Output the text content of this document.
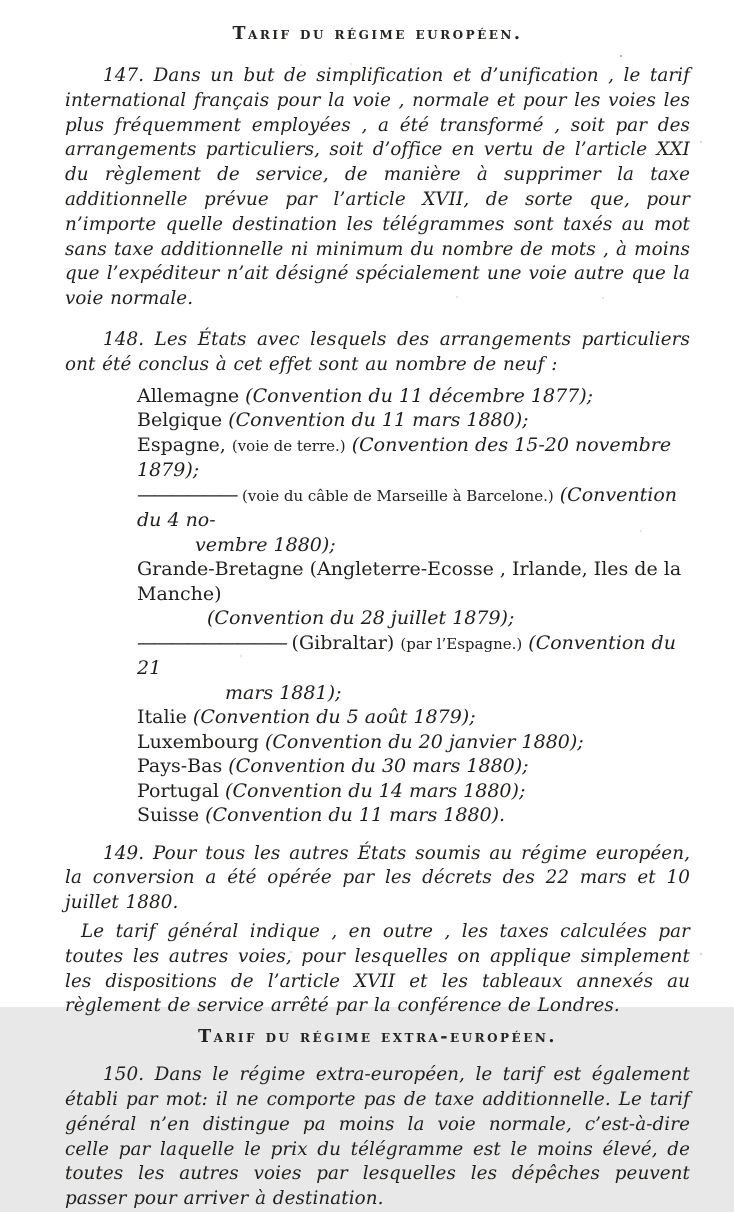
Tarif du régime européen.

147. Dans un but de simplification et d’unification , le tarif international français pour la voie , normale et pour les voies les plus fréquemment employées , a été transformé , soit par des arrangements particuliers, soit d’office en vertu de l’article XXI du règlement de service, de manière à supprimer la taxe additionnelle prévue par l’article XVII, de sorte que, pour n’importe quelle destination les télégrammes sont taxés au mot sans taxe additionnelle ni minimum du nombre de mots , à moins que l’expéditeur n’ait désigné spécialement une voie autre que la voie normale.

148. Les États avec lesquels des arrangements particuliers ont été conclus à cet effet sont au nombre de neuf :

Allemagne (Convention du 11 décembre 1877);
Belgique (Convention du 11 mars 1880);
Espagne, (voie de terre.) (Convention des 15-20 novembre 1879);
—————— (voie du câble de Marseille à Barcelone.) (Convention du 4 no-
vembre 1880);
Grande-Bretagne (Angleterre-Ecosse , Irlande, Iles de la Manche)
(Convention du 28 juillet 1879);
————————— (Gibraltar) (par l’Espagne.) (Convention du 21
mars 1881);
Italie (Convention du 5 août 1879);
Luxembourg (Convention du 20 janvier 1880);
Pays-Bas (Convention du 30 mars 1880);
Portugal (Convention du 14 mars 1880);
Suisse (Convention du 11 mars 1880).

149. Pour tous les autres États soumis au régime européen, la conversion a été opérée par les décrets des 22 mars et 10 juillet 1880.

Le tarif général indique , en outre , les taxes calculées par toutes les autres voies, pour lesquelles on applique simplement les dispositions de l’article XVII et les tableaux annexés au règlement de service arrêté par la conférence de Londres.

Tarif du régime extra-européen.

150. Dans le régime extra-européen, le tarif est également établi par mot: il ne comporte pas de taxe additionnelle. Le tarif général n’en distingue pa moins la voie normale, c’est-à-dire celle par laquelle le prix du télégramme est le moins élevé, de toutes les autres voies par lesquelles les dépêches peuvent passer pour arriver à destination.
